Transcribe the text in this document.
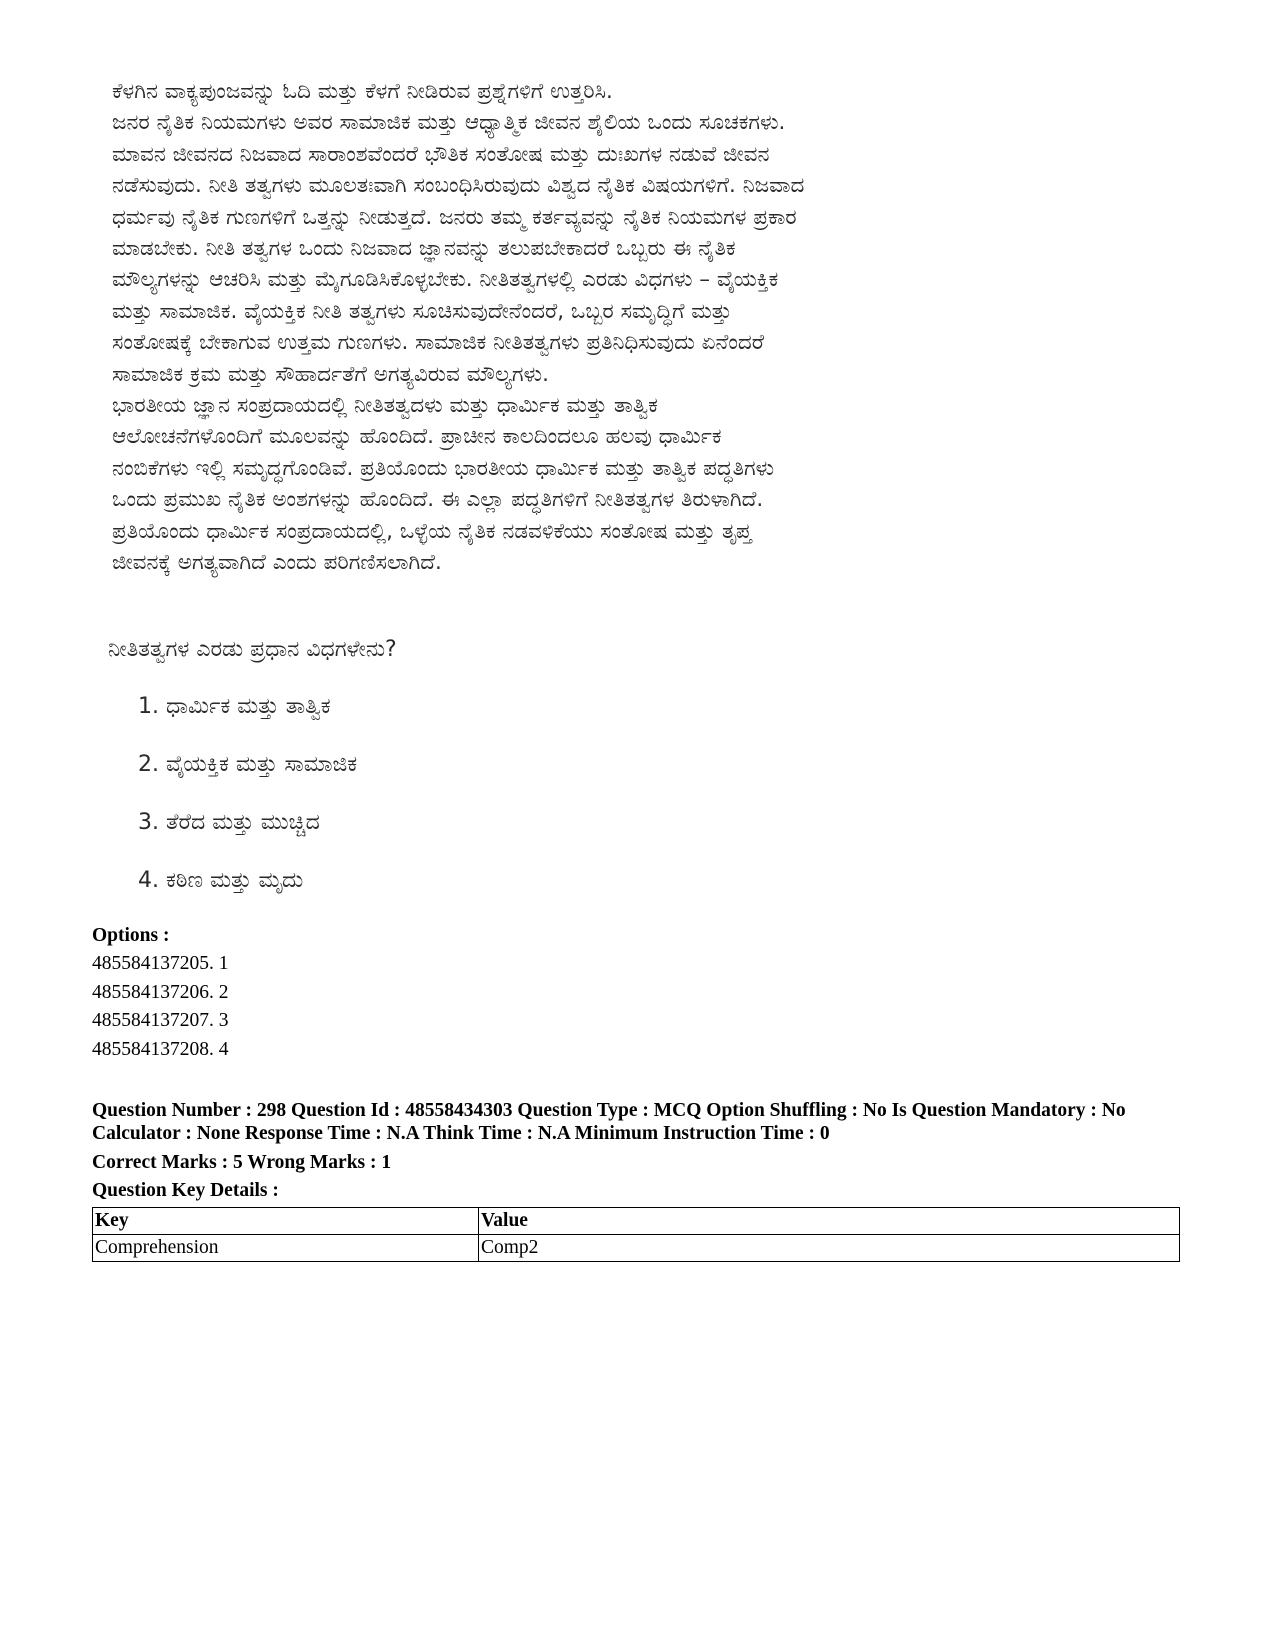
ಕೆಳಗಿನ ವಾಕ್ಯಪುಂಜವನ್ನು ಓದಿ ಮತ್ತು ಕೆಳಗೆ ನೀಡಿರುವ ಪ್ರಶ್ನೆಗಳಿಗೆ ಉತ್ತರಿಸಿ.
ಜನರ ನೈತಿಕ ನಿಯಮಗಳು ಅವರ ಸಾಮಾಜಿಕ ಮತ್ತು ಆಧ್ಯಾತ್ಮಿಕ ಜೀವನ ಶೈಲಿಯ ಒಂದು ಸೂಚಕಗಳು.
ಮಾವನ ಜೀವನದ ನಿಜವಾದ ಸಾರಾಂಶವೆಂದರೆ ಭೌತಿಕ ಸಂತೋಷ ಮತ್ತು ದುಃಖಗಳ ನಡುವೆ ಜೀವನ
ನಡೆಸುವುದು. ನೀತಿ ತತ್ವಗಳು ಮೂಲತಃವಾಗಿ ಸಂಬಂಧಿಸಿರುವುದು ವಿಶ್ವದ ನೈತಿಕ ವಿಷಯಗಳಿಗೆ. ನಿಜವಾದ
ಧರ್ಮವು ನೈತಿಕ ಗುಣಗಳಿಗೆ ಒತ್ತನ್ನು ನೀಡುತ್ತದೆ. ಜನರು ತಮ್ಮ ಕರ್ತವ್ಯವನ್ನು ನೈತಿಕ ನಿಯಮಗಳ ಪ್ರಕಾರ
ಮಾಡಬೇಕು. ನೀತಿ ತತ್ವಗಳ ಒಂದು ನಿಜವಾದ ಜ್ಞಾನವನ್ನು ತಲುಪಬೇಕಾದರೆ ಒಬ್ಬರು ಈ ನೈತಿಕ
ಮೌಲ್ಯಗಳನ್ನು ಆಚರಿಸಿ ಮತ್ತು ಮೈಗೂಡಿಸಿಕೊಳ್ಳಬೇಕು. ನೀತಿತತ್ವಗಳಲ್ಲಿ ಎರಡು ವಿಧಗಳು – ವೈಯಕ್ತಿಕ
ಮತ್ತು ಸಾಮಾಜಿಕ. ವೈಯಕ್ತಿಕ ನೀತಿ ತತ್ವಗಳು ಸೂಚಿಸುವುದೇನೆಂದರೆ, ಒಬ್ಬರ ಸಮೃದ್ಧಿಗೆ ಮತ್ತು
ಸಂತೋಷಕ್ಕೆ ಬೇಕಾಗುವ ಉತ್ತಮ ಗುಣಗಳು. ಸಾಮಾಜಿಕ ನೀತಿತತ್ವಗಳು ಪ್ರತಿನಿಧಿಸುವುದು ಏನೆಂದರೆ
ಸಾಮಾಜಿಕ ಕ್ರಮ ಮತ್ತು ಸೌಹಾರ್ದತೆಗೆ ಅಗತ್ಯವಿರುವ ಮೌಲ್ಯಗಳು.
ಭಾರತೀಯ ಜ್ಞಾನ ಸಂಪ್ರದಾಯದಲ್ಲಿ ನೀತಿತತ್ವದಳು ಮತ್ತು ಧಾರ್ಮಿಕ ಮತ್ತು ತಾತ್ವಿಕ
ಆಲೋಚನೆಗಳೊಂದಿಗೆ ಮೂಲವನ್ನು ಹೊಂದಿದೆ. ಪ್ರಾಚೀನ ಕಾಲದಿಂದಲೂ ಹಲವು ಧಾರ್ಮಿಕ
ನಂಬಿಕೆಗಳು ಇಲ್ಲಿ ಸಮೃದ್ಧಗೊಂಡಿವೆ. ಪ್ರತಿಯೊಂದು ಭಾರತೀಯ ಧಾರ್ಮಿಕ ಮತ್ತು ತಾತ್ವಿಕ ಪದ್ಧತಿಗಳು
ಒಂದು ಪ್ರಮುಖ ನೈತಿಕ ಅಂಶಗಳನ್ನು ಹೊಂದಿದೆ. ಈ ಎಲ್ಲಾ ಪದ್ಧತಿಗಳಿಗೆ ನೀತಿತತ್ವಗಳ ತಿರುಳಾಗಿದೆ.
ಪ್ರತಿಯೊಂದು ಧಾರ್ಮಿಕ ಸಂಪ್ರದಾಯದಲ್ಲಿ, ಒಳ್ಳೆಯ ನೈತಿಕ ನಡವಳಿಕೆಯು ಸಂತೋಷ ಮತ್ತು ತೃಪ್ತ
ಜೀವನಕ್ಕೆ ಅಗತ್ಯವಾಗಿದೆ ಎಂದು ಪರಿಗಣಿಸಲಾಗಿದೆ.
ನೀತಿತತ್ವಗಳ ಎರಡು ಪ್ರಧಾನ ವಿಧಗಳೇನು?
1. ಧಾರ್ಮಿಕ ಮತ್ತು ತಾತ್ವಿಕ
2. ವೈಯಕ್ತಿಕ ಮತ್ತು ಸಾಮಾಜಿಕ
3. ತೆರೆದ ಮತ್ತು ಮುಚ್ಚಿದ
4. ಕಠಿಣ ಮತ್ತು ಮೃದು
Options :
485584137205. 1
485584137206. 2
485584137207. 3
485584137208. 4
Question Number : 298 Question Id : 48558434303 Question Type : MCQ Option Shuffling : No Is Question Mandatory : No Calculator : None Response Time : N.A Think Time : N.A Minimum Instruction Time : 0
Correct Marks : 5 Wrong Marks : 1
Question Key Details :
Key	Value
Comprehension	Comp2
